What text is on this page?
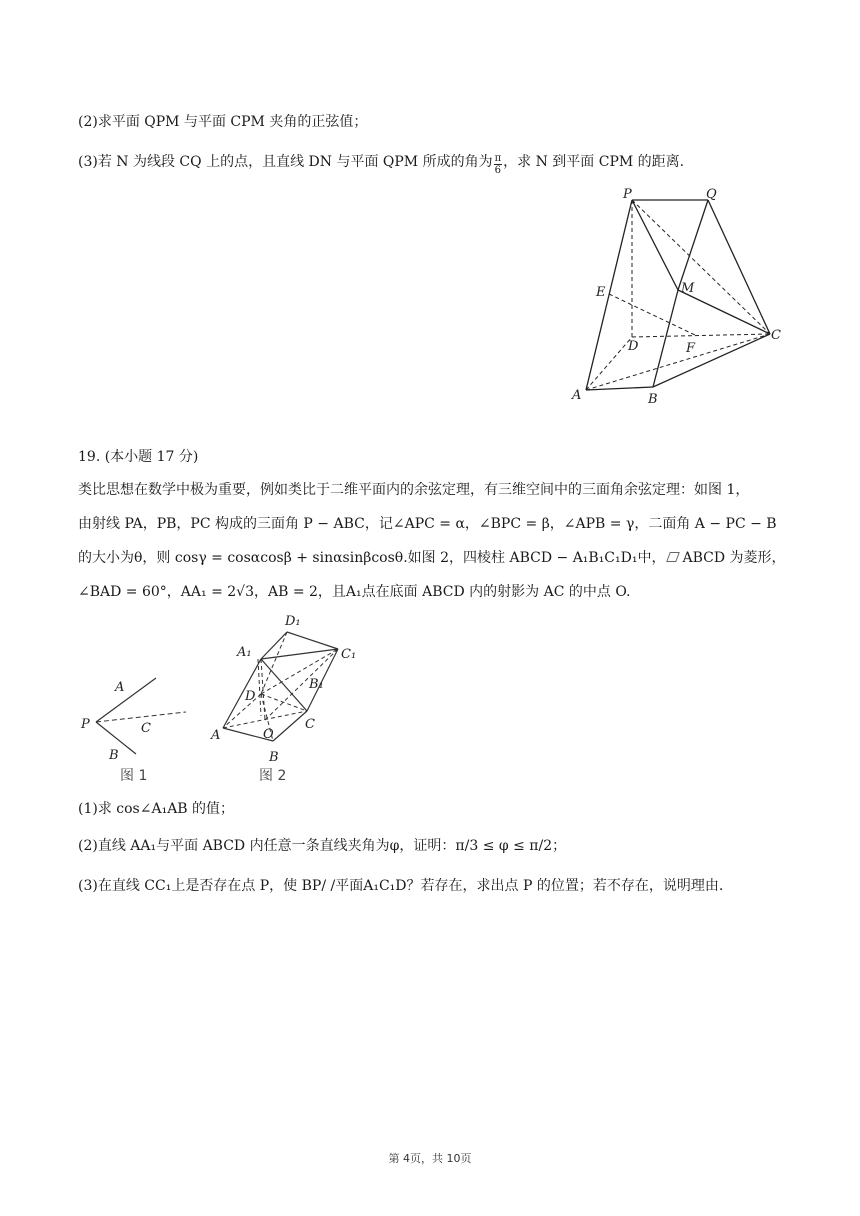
(2)求平面 QPM 与平面 CPM 夹角的正弦值；
(3)若 N 为线段 CQ 上的点，且直线 DN 与平面 QPM 所成的角为 $\frac{\pi}{6}$ ，求 N 到平面 CPM 的距离.
P	Q
E	M
D	F
C
A	B
19. (本小题 17 分)
类比思想在数学中极为重要，例如类比于二维平面内的余弦定理，有三维空间中的三面角余弦定理：如图 1，
由射线 PA，PB，PC 构成的三面角 P − ABC，记∠APC = α，∠BPC = β，∠APB = γ，二面角 A − PC − B
的大小为θ，则 cosγ = cosαcosβ + sinαsinβcosθ.如图 2，四棱柱 ABCD − A₁B₁C₁D₁中， ABCD 为菱形，
∠BAD = 60°，AA₁ = 2√3，AB = 2，且A₁点在底面 ABCD 内的射影为 AC 的中点 O.
A
P	C
B
图 1
D₁
A₁	C₁
B₁
D
A	O
C
B
图 2
(1)求 cos∠A₁AB 的值；
(2)直线 AA₁与平面 ABCD 内任意一条直线夹角为φ，证明：π/3 ≤ φ ≤ π/2；
(3)在直线 CC₁上是否存在点 P，使 BP/ /平面A₁C₁D？若存在，求出点 P 的位置；若不存在，说明理由.
第 4页，共 10页
